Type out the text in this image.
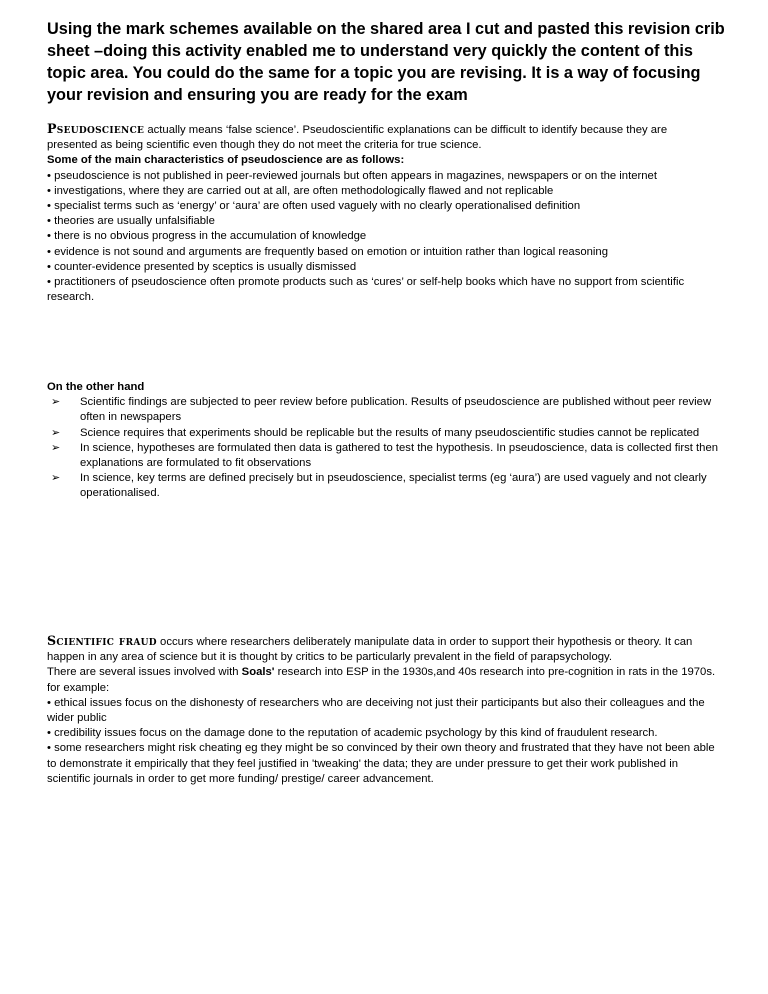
Using the mark schemes available on the shared area I cut and pasted this revision crib sheet –doing this activity enabled me to understand very quickly the content of this topic area. You could do the same for a topic you are revising. It is a way of focusing your revision and ensuring you are ready for the exam

Pseudoscience actually means ‘false science’. Pseudoscientific explanations can be difficult to identify because they are presented as being scientific even though they do not meet the criteria for true science.

Some of the main characteristics of pseudoscience are as follows:

• pseudoscience is not published in peer-reviewed journals but often appears in magazines, newspapers or on the internet

• investigations, where they are carried out at all, are often methodologically flawed and not replicable

• specialist terms such as ‘energy’ or ‘aura’ are often used vaguely with no clearly operationalised definition

• theories are usually unfalsifiable

• there is no obvious progress in the accumulation of knowledge

• evidence is not sound and arguments are frequently based on emotion or intuition rather than logical reasoning

• counter-evidence presented by sceptics is usually dismissed

• practitioners of pseudoscience often promote products such as ‘cures’ or self-help books which have no support from scientific research.

On the other hand

➢ Scientific findings are subjected to peer review before publication. Results of pseudoscience are published without peer review often in newspapers
➢ Science requires that experiments should be replicable but the results of many pseudoscientific studies cannot be replicated
➢ In science, hypotheses are formulated then data is gathered to test the hypothesis. In pseudoscience, data is collected first then explanations are formulated to fit observations
➢ In science, key terms are defined precisely but in pseudoscience, specialist terms (eg ‘aura’) are used vaguely and not clearly operationalised.

Scientific fraud occurs where researchers deliberately manipulate data in order to support their hypothesis or theory. It can happen in any area of science but it is thought by critics to be particularly prevalent in the field of parapsychology.

There are several issues involved with Soals' research into ESP in the 1930s,and 40s research into pre-cognition in rats in the 1970s. for example:

• ethical issues focus on the dishonesty of researchers who are deceiving not just their participants but also their colleagues and the wider public

• credibility issues focus on the damage done to the reputation of academic psychology by this kind of fraudulent research.

• some researchers might risk cheating eg they might be so convinced by their own theory and frustrated that they have not been able to demonstrate it empirically that they feel justified in 'tweaking' the data; they are under pressure to get their work published in scientific journals in order to get more funding/ prestige/ career advancement.
